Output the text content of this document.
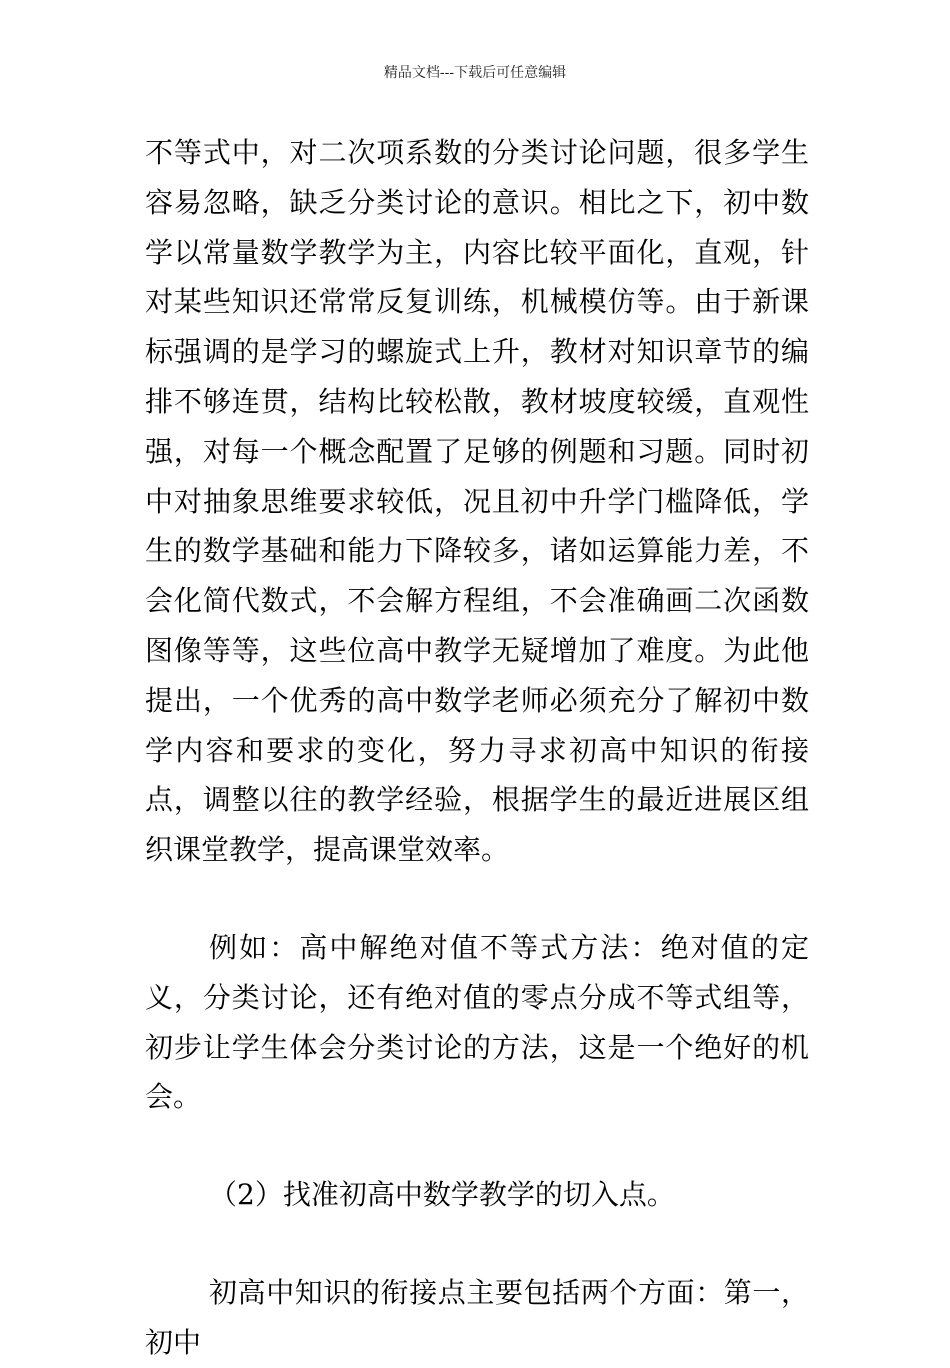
精品文档---下载后可任意编辑

不等式中，对二次项系数的分类讨论问题，很多学生容易忽略，缺乏分类讨论的意识。相比之下，初中数学以常量数学教学为主，内容比较平面化，直观，针对某些知识还常常反复训练，机械模仿等。由于新课标强调的是学习的螺旋式上升，教材对知识章节的编排不够连贯，结构比较松散，教材坡度较缓，直观性强，对每一个概念配置了足够的例题和习题。同时初中对抽象思维要求较低，况且初中升学门槛降低，学生的数学基础和能力下降较多，诸如运算能力差，不会化简代数式，不会解方程组，不会准确画二次函数图像等等，这些位高中教学无疑增加了难度。为此他提出，一个优秀的高中数学老师必须充分了解初中数学内容和要求的变化，努力寻求初高中知识的衔接点，调整以往的教学经验，根据学生的最近进展区组织课堂教学，提高课堂效率。

例如：高中解绝对值不等式方法：绝对值的定义，分类讨论，还有绝对值的零点分成不等式组等，初步让学生体会分类讨论的方法，这是一个绝好的机会。

（2）找准初高中数学教学的切入点。

初高中知识的衔接点主要包括两个方面：第一，初中
